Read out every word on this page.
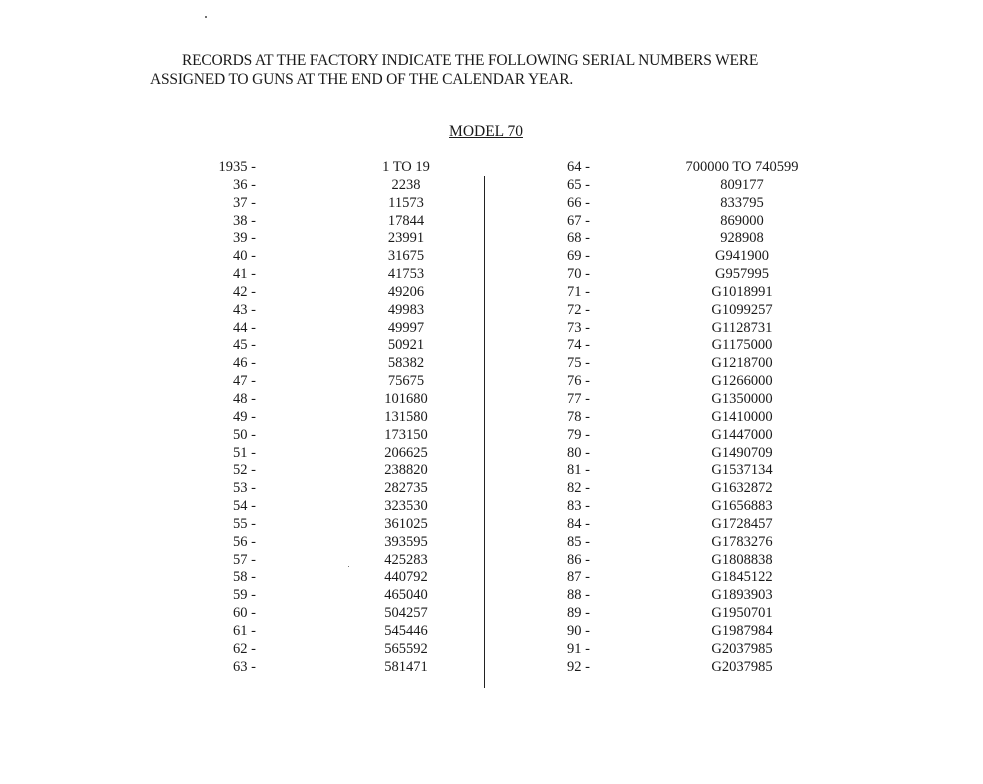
RECORDS AT THE FACTORY INDICATE THE FOLLOWING SERIAL NUMBERS WERE
ASSIGNED TO GUNS AT THE END OF THE CALENDAR YEAR.
MODEL 70
1935 -
36 -
37 -
38 -
39 -
40 -
41 -
42 -
43 -
44 -
45 -
46 -
47 -
48 -
49 -
50 -
51 -
52 -
53 -
54 -
55 -
56 -
57 -
58 -
59 -
60 -
61 -
62 -
63 -
1 TO 19
2238
11573
17844
23991
31675
41753
49206
49983
49997
50921
58382
75675
101680
131580
173150
206625
238820
282735
323530
361025
393595
425283
440792
465040
504257
545446
565592
581471
64 -
65 -
66 -
67 -
68 -
69 -
70 -
71 -
72 -
73 -
74 -
75 -
76 -
77 -
78 -
79 -
80 -
81 -
82 -
83 -
84 -
85 -
86 -
87 -
88 -
89 -
90 -
91 -
92 -
700000 TO 740599
809177
833795
869000
928908
G941900
G957995
G1018991
G1099257
G1128731
G1175000
G1218700
G1266000
G1350000
G1410000
G1447000
G1490709
G1537134
G1632872
G1656883
G1728457
G1783276
G1808838
G1845122
G1893903
G1950701
G1987984
G2037985
G2037985
